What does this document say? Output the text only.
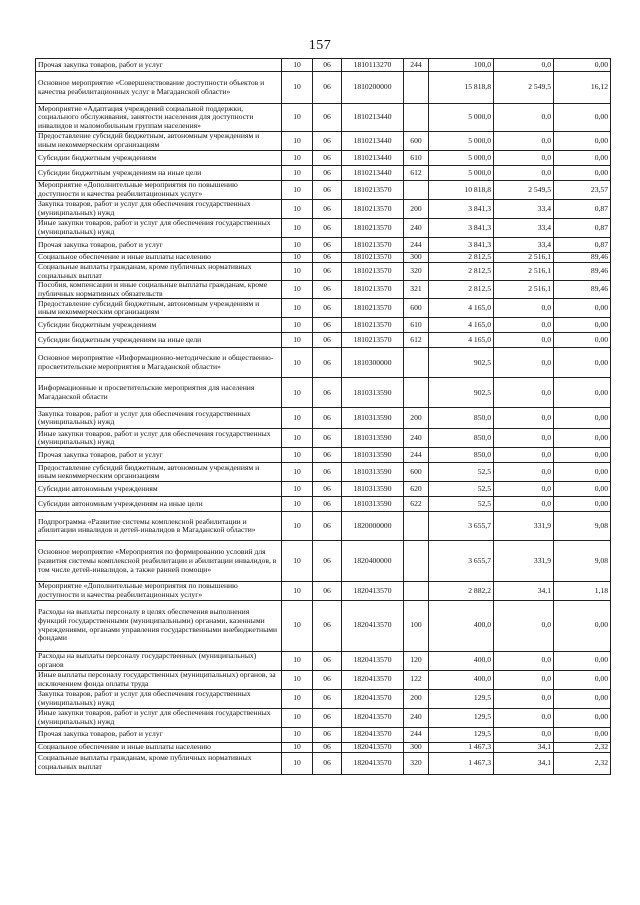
157
Прочая закупка товаров, работ и услуг	10	06	1810113270	244	100,0	0,0	0,00
Основное мероприятие «Совершенствование доступности объектов и качества реабилитационных услуг в Магаданской области»	10	06	1810200000		15 818,8	2 549,5	16,12
Мероприятие «Адаптация учреждений социальной поддержки, социального обслуживания, занятости населения для доступности инвалидов и маломобильным группам населения»	10	06	1810213440		5 000,0	0,0	0,00
Предоставление субсидий бюджетным, автономным учреждениям и иным некоммерческим организациям	10	06	1810213440	600	5 000,0	0,0	0,00
Субсидии бюджетным учреждениям	10	06	1810213440	610	5 000,0	0,0	0,00
Субсидии бюджетным учреждениям на иные цели	10	06	1810213440	612	5 000,0	0,0	0,00
Мероприятие «Дополнительные мероприятия по повышению доступности и качества реабилитационных услуг»	10	06	1810213570		10 818,8	2 549,5	23,57
Закупка товаров, работ и услуг для обеспечения государственных (муниципальных) нужд	10	06	1810213570	200	3 841,3	33,4	0,87
Иные закупки товаров, работ и услуг для обеспечения государственных (муниципальных) нужд	10	06	1810213570	240	3 841,3	33,4	0,87
Прочая закупка товаров, работ и услуг	10	06	1810213570	244	3 841,3	33,4	0,87
Социальное обеспечение и иные выплаты населению	10	06	1810213570	300	2 812,5	2 516,1	89,46
Социальные выплаты гражданам, кроме публичных нормативных социальных выплат	10	06	1810213570	320	2 812,5	2 516,1	89,46
Пособия, компенсации и иные социальные выплаты гражданам, кроме публичных нормативных обязательств	10	06	1810213570	321	2 812,5	2 516,1	89,46
Предоставление субсидий бюджетным, автономным учреждениям и иным некоммерческим организациям	10	06	1810213570	600	4 165,0	0,0	0,00
Субсидии бюджетным учреждениям	10	06	1810213570	610	4 165,0	0,0	0,00
Субсидии бюджетным учреждениям на иные цели	10	06	1810213570	612	4 165,0	0,0	0,00
Основное мероприятие «Информационно-методические и общественно-просветительские мероприятия в Магаданской области»	10	06	1810300000		902,5	0,0	0,00
Информационные и просветительские мероприятия для населения Магаданской области	10	06	1810313590		902,5	0,0	0,00
Закупка товаров, работ и услуг для обеспечения государственных (муниципальных) нужд	10	06	1810313590	200	850,0	0,0	0,00
Иные закупки товаров, работ и услуг для обеспечения государственных (муниципальных) нужд	10	06	1810313590	240	850,0	0,0	0,00
Прочая закупка товаров, работ и услуг	10	06	1810313590	244	850,0	0,0	0,00
Предоставление субсидий бюджетным, автономным учреждениям и иным некоммерческим организациям	10	06	1810313590	600	52,5	0,0	0,00
Субсидии автономным учреждениям	10	06	1810313590	620	52,5	0,0	0,00
Субсидии автономным учреждениям на иные цели	10	06	1810313590	622	52,5	0,0	0,00
Подпрограмма «Развитие системы комплексной реабилитации и абилитации инвалидов и детей-инвалидов в Магаданской области»	10	06	1820000000		3 655,7	331,9	9,08
Основное мероприятие «Мероприятия по формированию условий для развития системы комплексной реабилитации и абилитации инвалидов, в том числе детей-инвалидов, а также ранней помощи»	10	06	1820400000		3 655,7	331,9	9,08
Мероприятие «Дополнительные мероприятия по повышению доступности и качества реабилитационных услуг»	10	06	1820413570		2 882,2	34,1	1,18
Расходы на выплаты персоналу в целях обеспечения выполнения функций государственными (муниципальными) органами, казенными учреждениями, органами управления государственными внебюджетными фондами	10	06	1820413570	100	400,0	0,0	0,00
Расходы на выплаты персоналу государственных (муниципальных) органов	10	06	1820413570	120	400,0	0,0	0,00
Иные выплаты персоналу государственных (муниципальных) органов, за исключением фонда оплаты труда	10	06	1820413570	122	400,0	0,0	0,00
Закупка товаров, работ и услуг для обеспечения государственных (муниципальных) нужд	10	06	1820413570	200	129,5	0,0	0,00
Иные закупки товаров, работ и услуг для обеспечения государственных (муниципальных) нужд	10	06	1820413570	240	129,5	0,0	0,00
Прочая закупка товаров, работ и услуг	10	06	1820413570	244	129,5	0,0	0,00
Социальное обеспечение и иные выплаты населению	10	06	1820413570	300	1 467,3	34,1	2,32
Социальные выплаты гражданам, кроме публичных нормативных социальных выплат	10	06	1820413570	320	1 467,3	34,1	2,32
